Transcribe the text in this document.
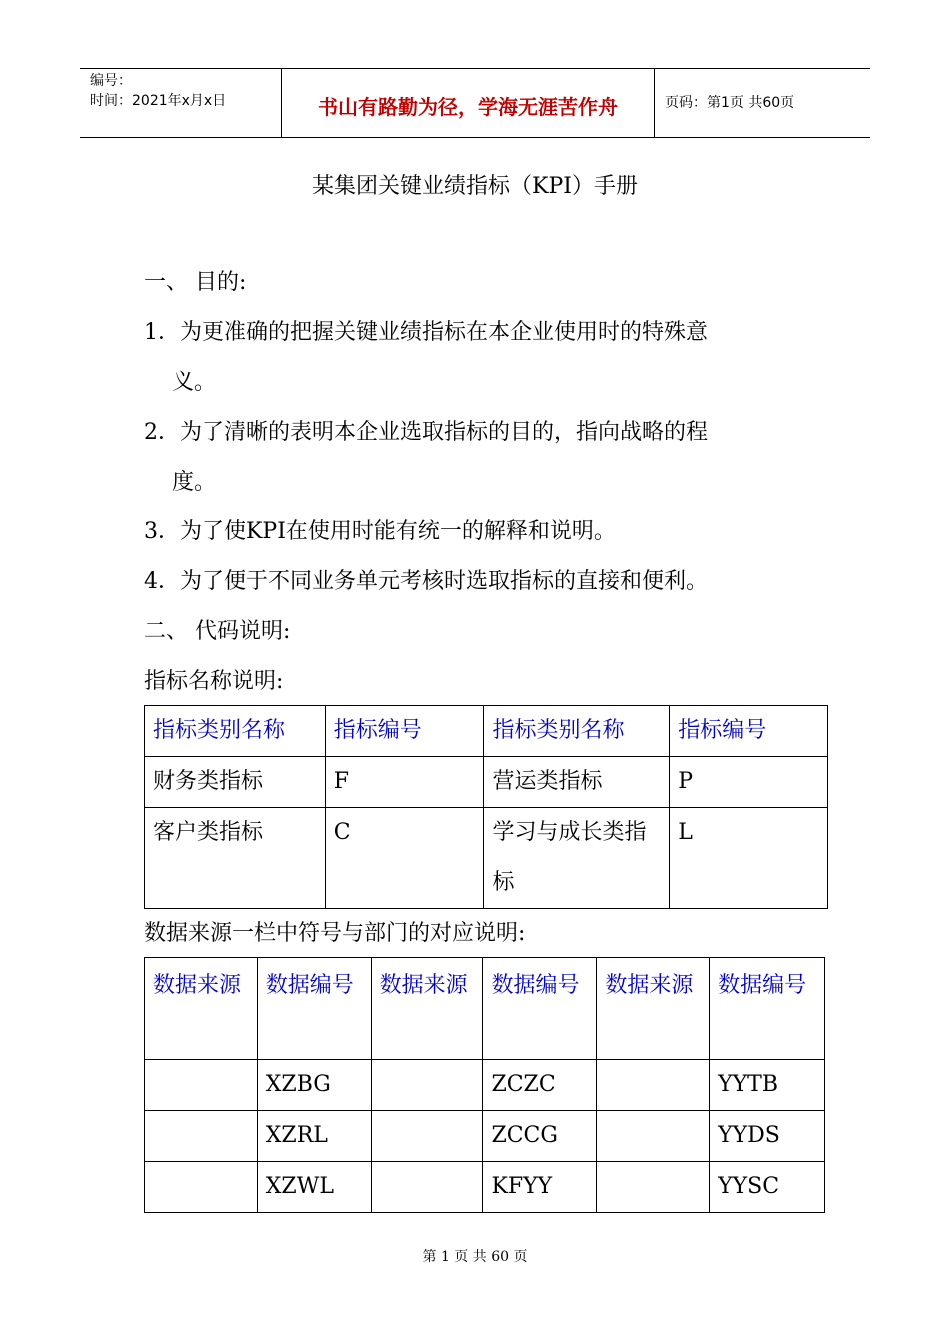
编号：
时间：2021年x月x日	书山有路勤为径，学海无涯苦作舟	页码：第1页 共60页
某集团关键业绩指标（KPI）手册
一、 目的:
1．为更准确的把握关键业绩指标在本企业使用时的特殊意
义。
2．为了清晰的表明本企业选取指标的目的，指向战略的程
度。
3．为了使KPI在使用时能有统一的解释和说明。
4．为了便于不同业务单元考核时选取指标的直接和便利。
二、 代码说明:
指标名称说明:
指标类别名称	指标编号	指标类别名称	指标编号
财务类指标	F	营运类指标	P
客户类指标	C	学习与成长类指标	L
数据来源一栏中符号与部门的对应说明:
数据来源	数据编号	数据来源	数据编号	数据来源	数据编号
	XZBG		ZCZC		YYTB
	XZRL		ZCCG		YYDS
	XZWL		KFYY		YYSC
第 1 页 共 60 页
